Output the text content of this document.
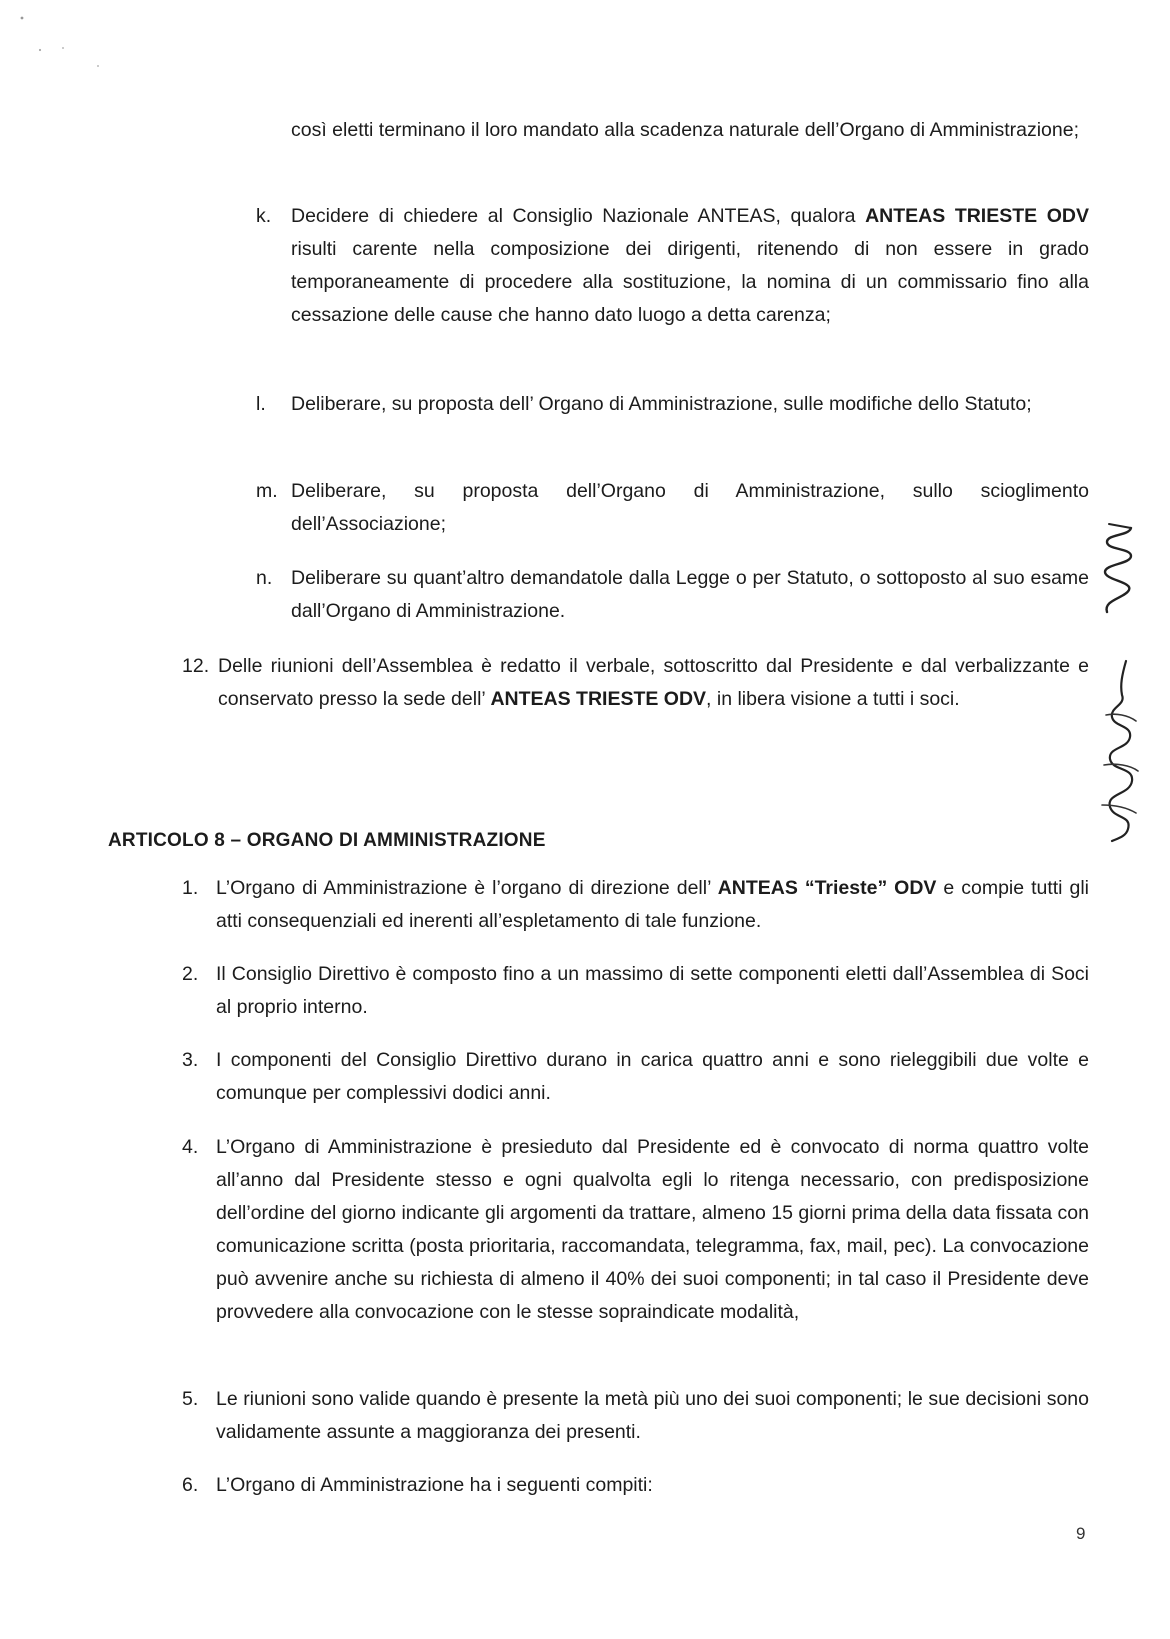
così eletti terminano il loro mandato alla scadenza naturale dell’Organo di Amministrazione;

k. Decidere di chiedere al Consiglio Nazionale ANTEAS, qualora ANTEAS TRIESTE ODV risulti carente nella composizione dei dirigenti, ritenendo di non essere in grado temporaneamente di procedere alla sostituzione, la nomina di un commissario fino alla cessazione delle cause che hanno dato luogo a detta carenza;

l. Deliberare, su proposta dell’ Organo di Amministrazione, sulle modifiche dello Statuto;

m. Deliberare, su proposta dell’Organo di Amministrazione, sullo scioglimento dell’Associazione;

n. Deliberare su quant’altro demandatole dalla Legge o per Statuto, o sottoposto al suo esame dall’Organo di Amministrazione.

12. Delle riunioni dell’Assemblea è redatto il verbale, sottoscritto dal Presidente e dal verbalizzante e conservato presso la sede dell’ ANTEAS TRIESTE ODV, in libera visione a tutti i soci.

ARTICOLO 8 – ORGANO DI AMMINISTRAZIONE
1. L’Organo di Amministrazione è l’organo di direzione dell’ ANTEAS “Trieste” ODV e compie tutti gli atti consequenziali ed inerenti all’espletamento di tale funzione.

2. Il Consiglio Direttivo è composto fino a un massimo di sette componenti eletti dall’Assemblea di Soci al proprio interno.

3. I componenti del Consiglio Direttivo durano in carica quattro anni e sono rieleggibili due volte e comunque per complessivi dodici anni.

4. L’Organo di Amministrazione è presieduto dal Presidente ed è convocato di norma quattro volte all’anno dal Presidente stesso e ogni qualvolta egli lo ritenga necessario, con predisposizione dell’ordine del giorno indicante gli argomenti da trattare, almeno 15 giorni prima della data fissata con comunicazione scritta (posta prioritaria, raccomandata, telegramma, fax, mail, pec). La convocazione può avvenire anche su richiesta di almeno il 40% dei suoi componenti; in tal caso il Presidente deve provvedere alla convocazione con le stesse sopraindicate modalità,

5. Le riunioni sono valide quando è presente la metà più uno dei suoi componenti; le sue decisioni sono validamente assunte a maggioranza dei presenti.

6. L’Organo di Amministrazione ha i seguenti compiti:

9
